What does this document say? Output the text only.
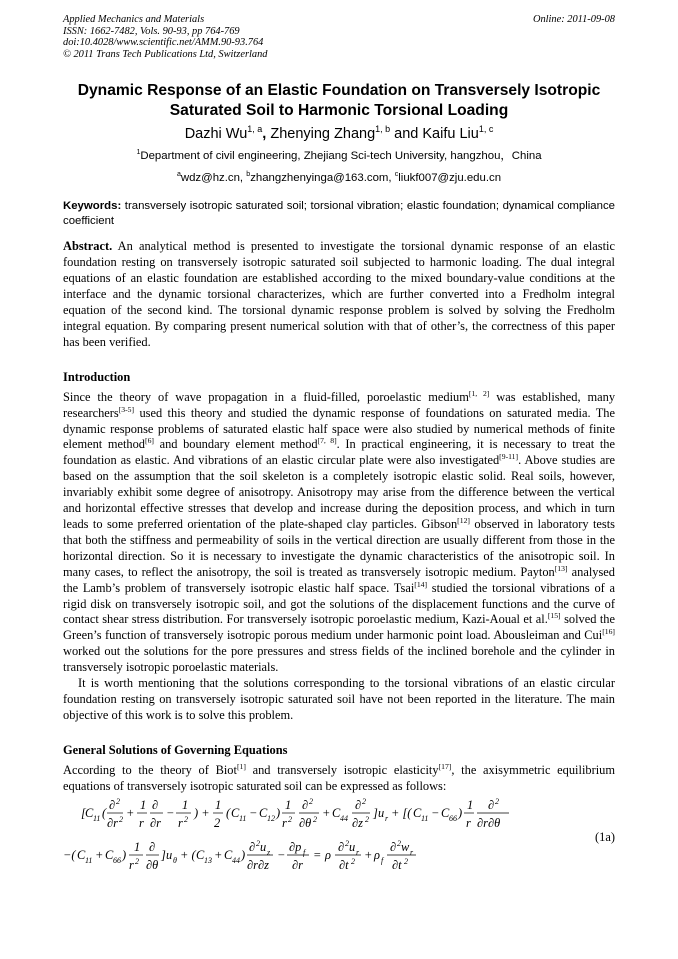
Applied Mechanics and Materials
ISSN: 1662-7482, Vols. 90-93, pp 764-769
doi:10.4028/www.scientific.net/AMM.90-93.764
© 2011 Trans Tech Publications Ltd, Switzerland
Online: 2011-09-08
Dynamic Response of an Elastic Foundation on Transversely Isotropic
Saturated Soil to Harmonic Torsional Loading
Dazhi Wu$^{1, a}$, Zhenying Zhang$^{1, b}$ and Kaifu Liu$^{1, c}$
$^1$Department of civil engineering, Zhejiang Sci-tech University, hangzhou，China
$^a$wdz@hz.cn, $^b$zhangzhenyinga@163.com, $^c$liukf007@zju.edu.cn
Keywords: transversely isotropic saturated soil; torsional vibration; elastic foundation; dynamical compliance coefficient

Abstract. An analytical method is presented to investigate the torsional dynamic response of an elastic foundation resting on transversely isotropic saturated soil subjected to harmonic loading. The dual integral equations of an elastic foundation are established according to the mixed boundary-value conditions at the interface and the dynamic torsional characterizes, which are further converted into a Fredholm integral equation of the second kind. The torsional dynamic response problem is solved by solving the Fredholm integral equation. By comparing present numerical solution with that of other’s, the correctness of this paper has been verified.

Introduction

Since the theory of wave propagation in a fluid-filled, poroelastic medium[1, 2] was established, many researchers[3-5] used this theory and studied the dynamic response of foundations on saturated media. The dynamic response problems of saturated elastic half space were also studied by numerical methods of finite element method[6] and boundary element method[7, 8]. In practical engineering, it is necessary to treat the foundation as elastic. And vibrations of an elastic circular plate were also investigated[9-11]. Above studies are based on the assumption that the soil skeleton is a completely isotropic elastic solid. Real soils, however, invariably exhibit some degree of anisotropy. Anisotropy may arise from the difference between the vertical and horizontal effective stresses that develop and increase during the deposition process, and which in turn leads to some preferred orientation of the plate-shaped clay particles. Gibson[12] observed in laboratory tests that both the stiffness and permeability of soils in the vertical direction are usually different from those in the horizontal direction. So it is necessary to investigate the dynamic characteristics of the anisotropic soil. In many cases, to reflect the anisotropy, the soil is treated as transversely isotropic medium. Payton[13] analysed the Lamb’s problem of transversely isotropic elastic half space. Tsai[14] studied the torsional vibrations of a rigid disk on transversely isotropic soil, and got the solutions of the displacement functions and the curve of contact shear stress distribution. For transversely isotropic poroelastic medium, Kazi-Aoual et al.[15] solved the Green’s function of transversely isotropic porous medium under harmonic point load. Abousleiman and Cui[16] worked out the solutions for the pore pressures and stress fields of the inclined borehole and the cylinder in transversely isotropic poroelastic materials.

It is worth mentioning that the solutions corresponding to the torsional vibrations of an elastic circular foundation resting on transversely isotropic saturated soil have not been reported in the literature. The main objective of this work is to solve this problem.

General Solutions of Governing Equations

According to the theory of Biot[1] and transversely isotropic elasticity[17], the axisymmetric equilibrium equations of transversely isotropic saturated soil can be expressed as follows:

[ C 11 (
∂ 2
∂r 2 +
1
r
∂
∂r
−
1
r 2 ) +
1
2
( C 11 − C 12 )
1
r 2
∂ 2
∂θ 2 + C 44
∂ 2
∂z 2 ] u r + [( C 11 − C 66 )
1
r
∂ 2
∂r∂θ
−( C 11 + C 66 )
1
r 2
∂
∂θ
] u θ + ( C 13 + C 44 )
∂ 2 u z
∂r∂z
−
∂p f
∂r
= ρ
∂ 2 u r
∂t 2 + ρ f
∂ 2 w r
∂t 2
(1a)
